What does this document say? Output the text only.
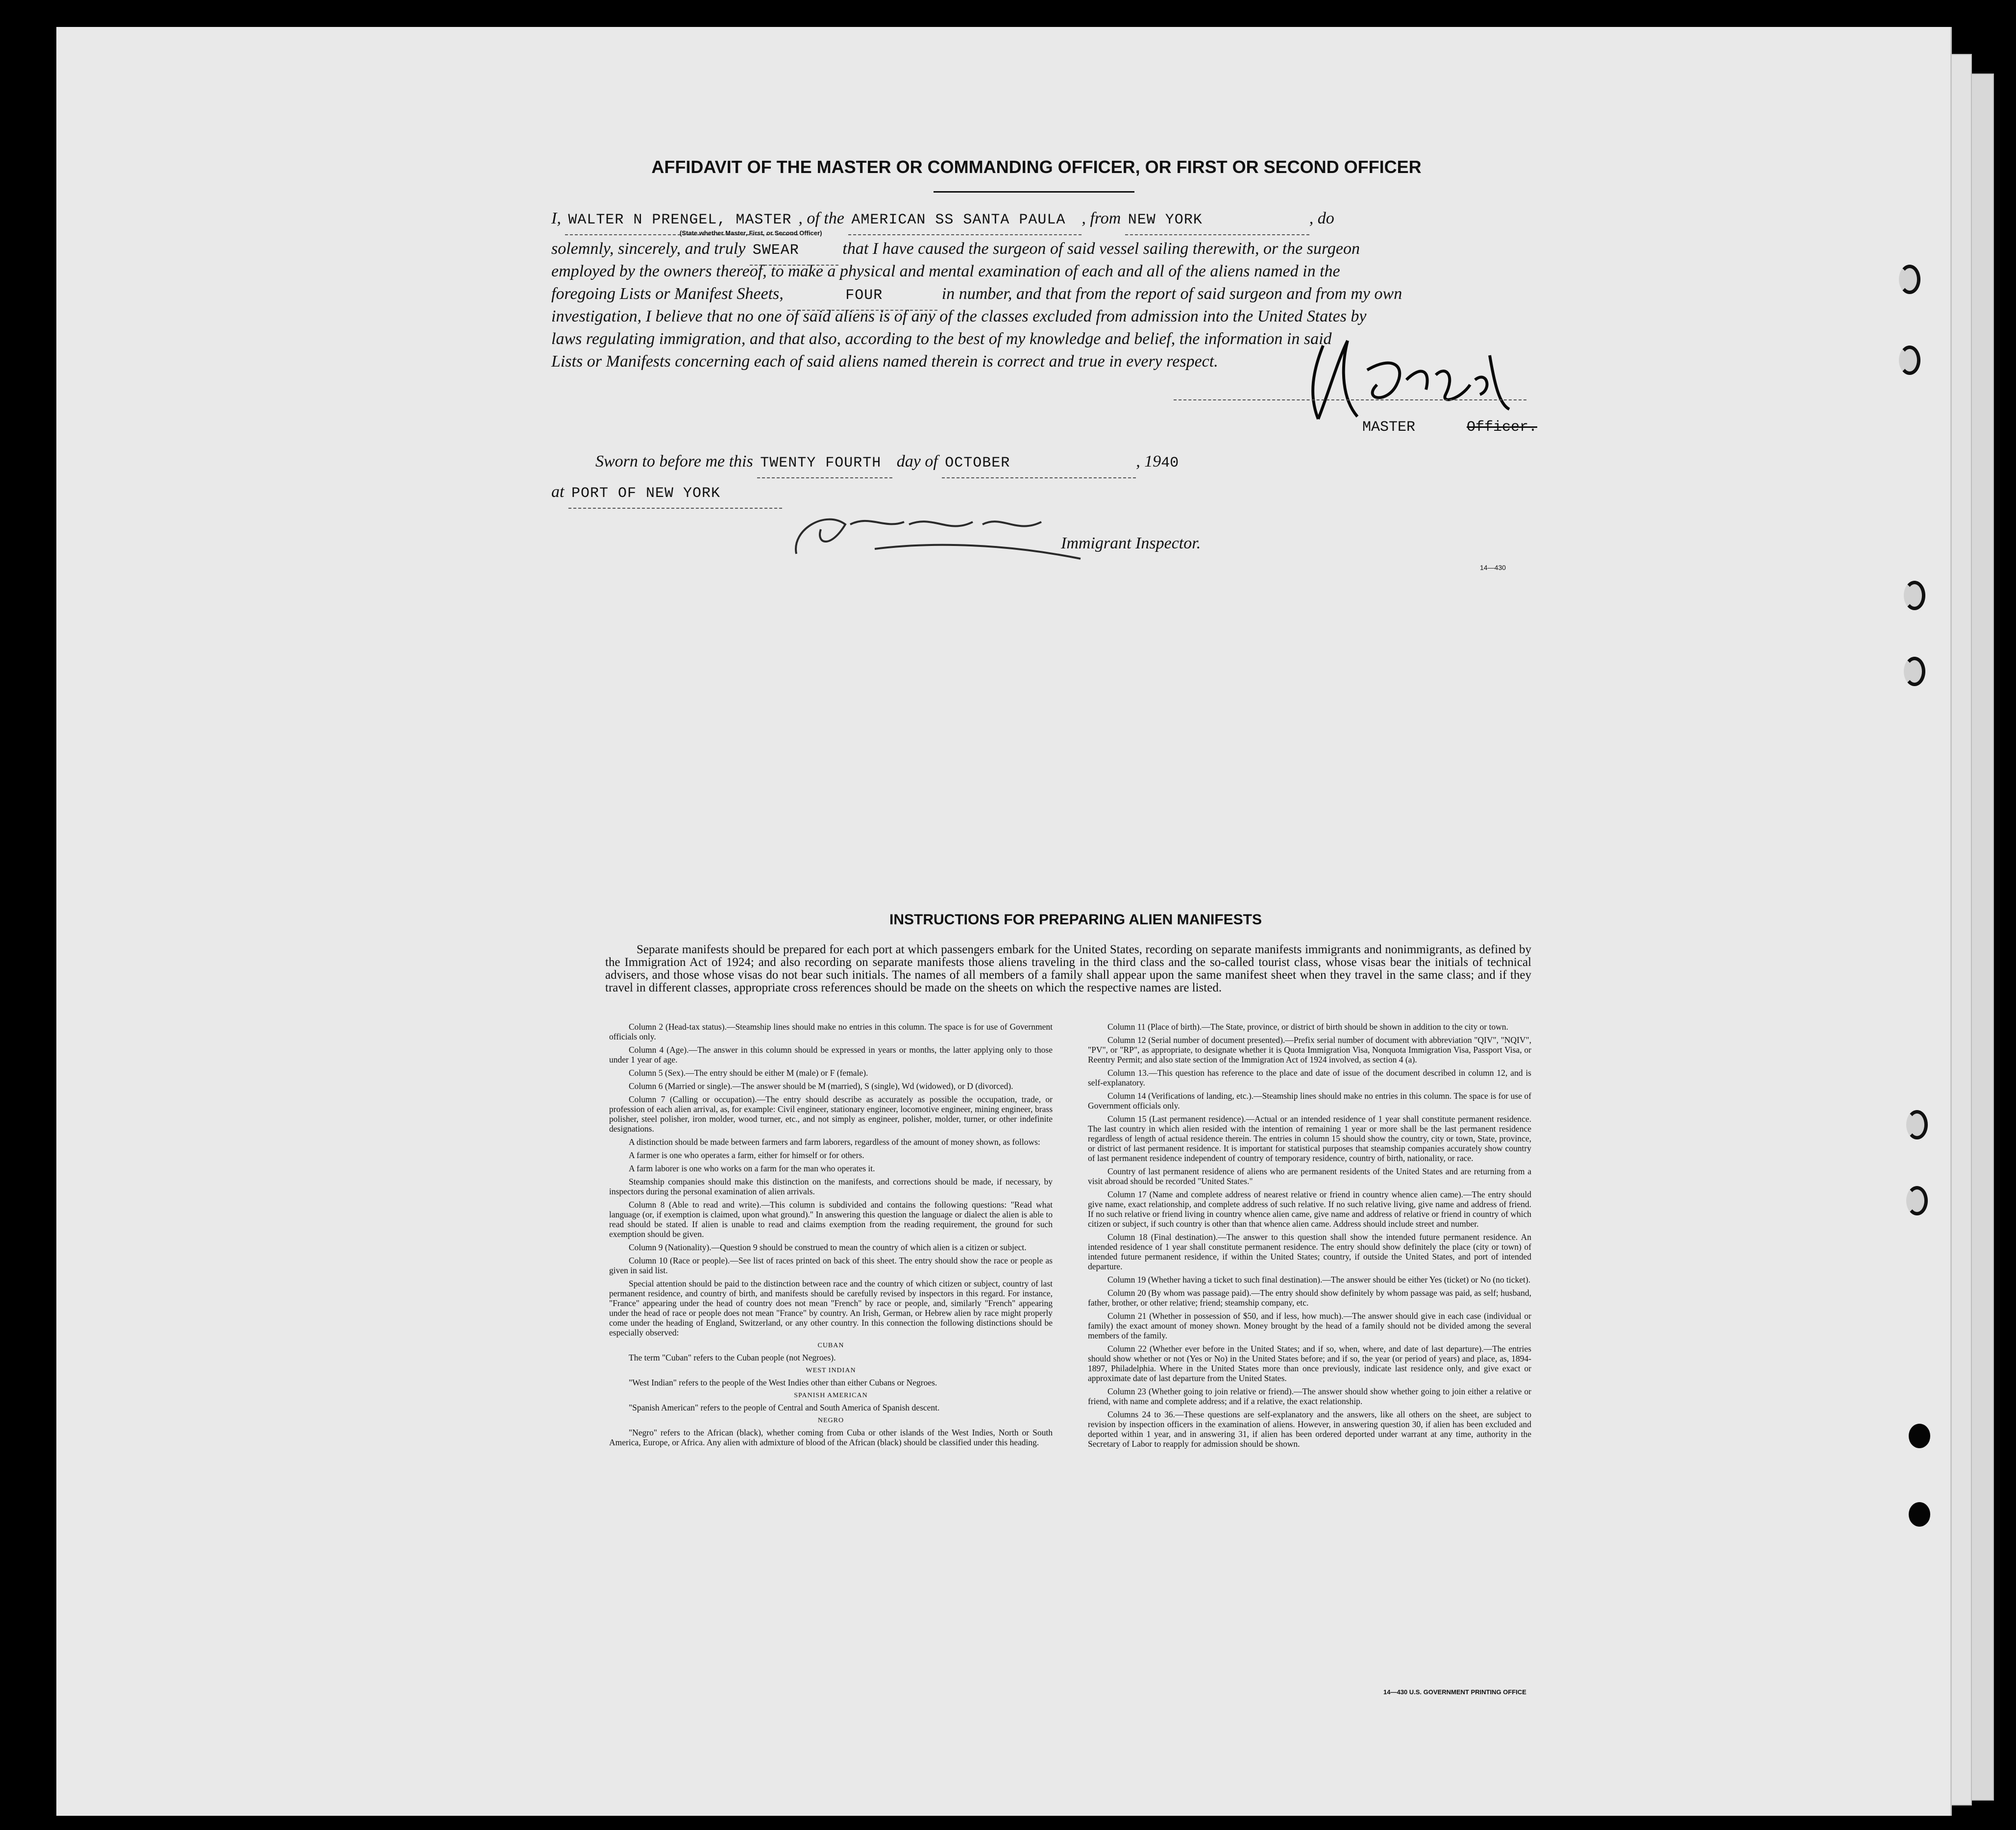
AFFIDAVIT OF THE MASTER OR COMMANDING OFFICER, OR FIRST OR SECOND OFFICER
I, WALTER N PRENGEL, MASTER , of the AMERICAN SS SANTA PAULA , from NEW YORK	, do
(State whether Master, First, or Second Officer)
solemnly, sincerely, and truly SWEAR	that I have caused the surgeon of said vessel sailing therewith, or the surgeon
employed by the owners thereof, to make a physical and mental examination of each and all of the aliens named in the
foregoing Lists or Manifest Sheets,	FOUR	in number, and that from the report of said surgeon and from my own
investigation, I believe that no one of said aliens is of any of the classes excluded from admission into the United States by
laws regulating immigration, and that also, according to the best of my knowledge and belief, the information in said
Lists or Manifests concerning each of said aliens named therein is correct and true in every respect.
MASTER	Officer.
Sworn to before me this TWENTY FOURTH day of OCTOBER	, 1940
at PORT OF NEW YORK
Immigrant Inspector.
14—430
INSTRUCTIONS FOR PREPARING ALIEN MANIFESTS
Separate manifests should be prepared for each port at which passengers embark for the United States, recording on separate manifests immigrants and nonimmigrants, as defined by the Immigration Act of 1924; and also recording on separate manifests those aliens traveling in the third class and the so-called tourist class, whose visas bear the initials of technical advisers, and those whose visas do not bear such initials. The names of all members of a family shall appear upon the same manifest sheet when they travel in the same class; and if they travel in different classes, appropriate cross references should be made on the sheets on which the respective names are listed.

Column 2 (Head-tax status).—Steamship lines should make no entries in this column. The space is for use of Government officials only.

Column 4 (Age).—The answer in this column should be expressed in years or months, the latter applying only to those under 1 year of age.

Column 5 (Sex).—The entry should be either M (male) or F (female).

Column 6 (Married or single).—The answer should be M (married), S (single), Wd (widowed), or D (divorced).

Column 7 (Calling or occupation).—The entry should describe as accurately as possible the occupation, trade, or profession of each alien arrival, as, for example: Civil engineer, stationary engineer, locomotive engineer, mining engineer, brass polisher, steel polisher, iron molder, wood turner, etc., and not simply as engineer, polisher, molder, turner, or other indefinite designations.

A distinction should be made between farmers and farm laborers, regardless of the amount of money shown, as follows:

A farmer is one who operates a farm, either for himself or for others.

A farm laborer is one who works on a farm for the man who operates it.

Steamship companies should make this distinction on the manifests, and corrections should be made, if necessary, by inspectors during the personal examination of alien arrivals.

Column 8 (Able to read and write).—This column is subdivided and contains the following questions: "Read what language (or, if exemption is claimed, upon what ground)." In answering this question the language or dialect the alien is able to read should be stated. If alien is unable to read and claims exemption from the reading requirement, the ground for such exemption should be given.

Column 9 (Nationality).—Question 9 should be construed to mean the country of which alien is a citizen or subject.

Column 10 (Race or people).—See list of races printed on back of this sheet. The entry should show the race or people as given in said list.

Special attention should be paid to the distinction between race and the country of which citizen or subject, country of last permanent residence, and country of birth, and manifests should be carefully revised by inspectors in this regard. For instance, "France" appearing under the head of country does not mean "French" by race or people, and, similarly "French" appearing under the head of race or people does not mean "France" by country. An Irish, German, or Hebrew alien by race might properly come under the heading of England, Switzerland, or any other country. In this connection the following distinctions should be especially observed:

CUBAN

The term "Cuban" refers to the Cuban people (not Negroes).

WEST INDIAN

"West Indian" refers to the people of the West Indies other than either Cubans or Negroes.

SPANISH AMERICAN

"Spanish American" refers to the people of Central and South America of Spanish descent.

NEGRO

"Negro" refers to the African (black), whether coming from Cuba or other islands of the West Indies, North or South America, Europe, or Africa. Any alien with admixture of blood of the African (black) should be classified under this heading.

Column 11 (Place of birth).—The State, province, or district of birth should be shown in addition to the city or town.

Column 12 (Serial number of document presented).—Prefix serial number of document with abbreviation "QIV", "NQIV", "PV", or "RP", as appropriate, to designate whether it is Quota Immigration Visa, Nonquota Immigration Visa, Passport Visa, or Reentry Permit; and also state section of the Immigration Act of 1924 involved, as section 4 (a).

Column 13.—This question has reference to the place and date of issue of the document described in column 12, and is self-explanatory.

Column 14 (Verifications of landing, etc.).—Steamship lines should make no entries in this column. The space is for use of Government officials only.

Column 15 (Last permanent residence).—Actual or an intended residence of 1 year shall constitute permanent residence. The last country in which alien resided with the intention of remaining 1 year or more shall be the last permanent residence regardless of length of actual residence therein. The entries in column 15 should show the country, city or town, State, province, or district of last permanent residence. It is important for statistical purposes that steamship companies accurately show country of last permanent residence independent of country of temporary residence, country of birth, nationality, or race.

Country of last permanent residence of aliens who are permanent residents of the United States and are returning from a visit abroad should be recorded "United States."

Column 17 (Name and complete address of nearest relative or friend in country whence alien came).—The entry should give name, exact relationship, and complete address of such relative. If no such relative living, give name and address of friend. If no such relative or friend living in country whence alien came, give name and address of relative or friend in country of which citizen or subject, if such country is other than that whence alien came. Address should include street and number.

Column 18 (Final destination).—The answer to this question shall show the intended future permanent residence. An intended residence of 1 year shall constitute permanent residence. The entry should show definitely the place (city or town) of intended future permanent residence, if within the United States; country, if outside the United States, and port of intended departure.

Column 19 (Whether having a ticket to such final destination).—The answer should be either Yes (ticket) or No (no ticket).

Column 20 (By whom was passage paid).—The entry should show definitely by whom passage was paid, as self; husband, father, brother, or other relative; friend; steamship company, etc.

Column 21 (Whether in possession of $50, and if less, how much).—The answer should give in each case (individual or family) the exact amount of money shown. Money brought by the head of a family should not be divided among the several members of the family.

Column 22 (Whether ever before in the United States; and if so, when, where, and date of last departure).—The entries should show whether or not (Yes or No) in the United States before; and if so, the year (or period of years) and place, as, 1894-1897, Philadelphia. Where in the United States more than once previously, indicate last residence only, and give exact or approximate date of last departure from the United States.

Column 23 (Whether going to join relative or friend).—The answer should show whether going to join either a relative or friend, with name and complete address; and if a relative, the exact relationship.

Columns 24 to 36.—These questions are self-explanatory and the answers, like all others on the sheet, are subject to revision by inspection officers in the examination of aliens. However, in answering question 30, if alien has been excluded and deported within 1 year, and in answering 31, if alien has been ordered deported under warrant at any time, authority in the Secretary of Labor to reapply for admission should be shown.

14—430 U.S. GOVERNMENT PRINTING OFFICE
